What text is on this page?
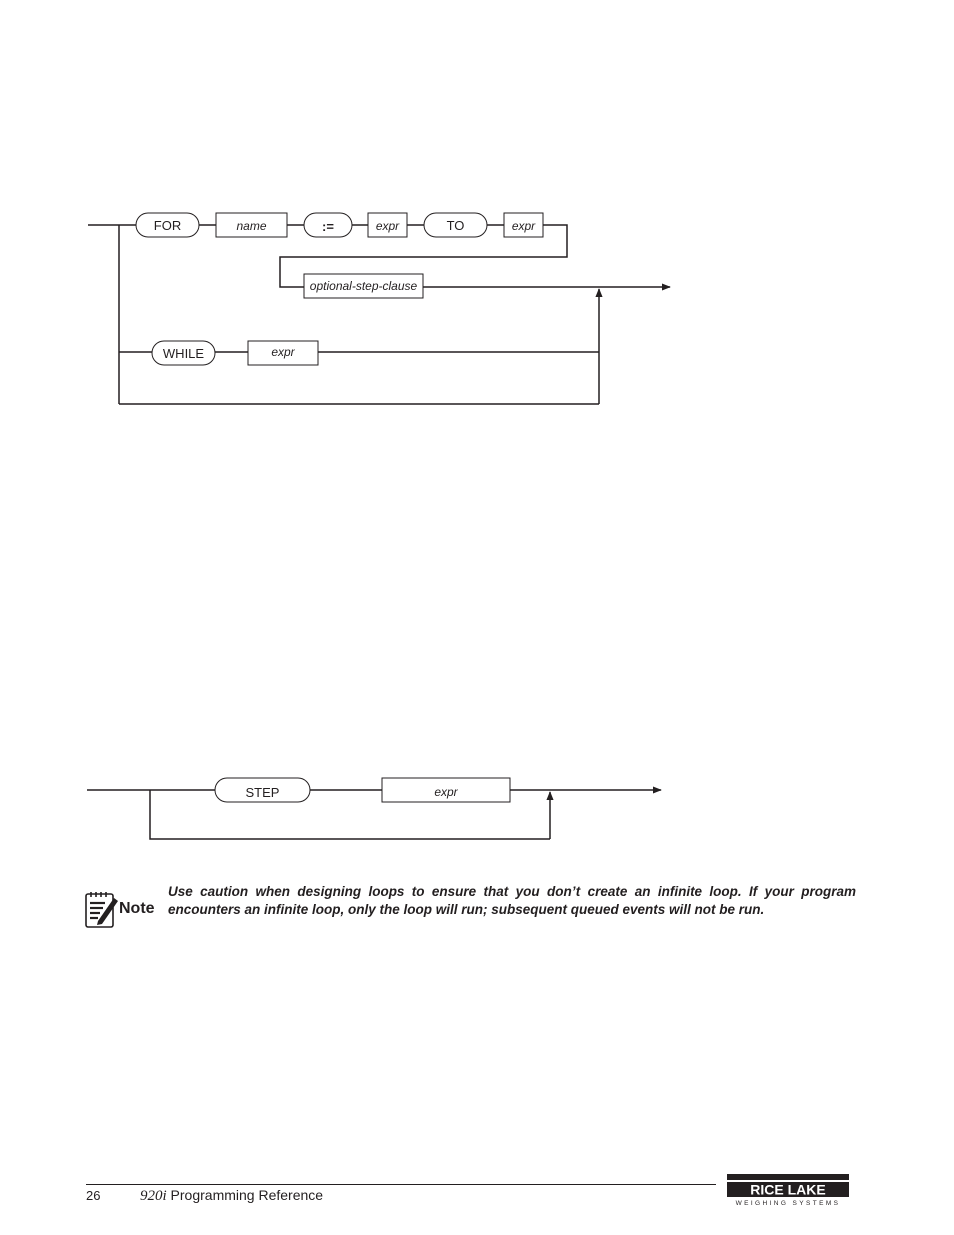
FOR	name	:=	expr	TO	expr
optional-step-clause
WHILE	expr
STEP	expr
Note
Use caution when designing loops to ensure that you don’t create an infinite loop. If your program encounters an infinite loop, only the loop will run; subsequent queued events will not be run.
26	920i Programming Reference	RICE LAKE
WEIGHING SYSTEMS
